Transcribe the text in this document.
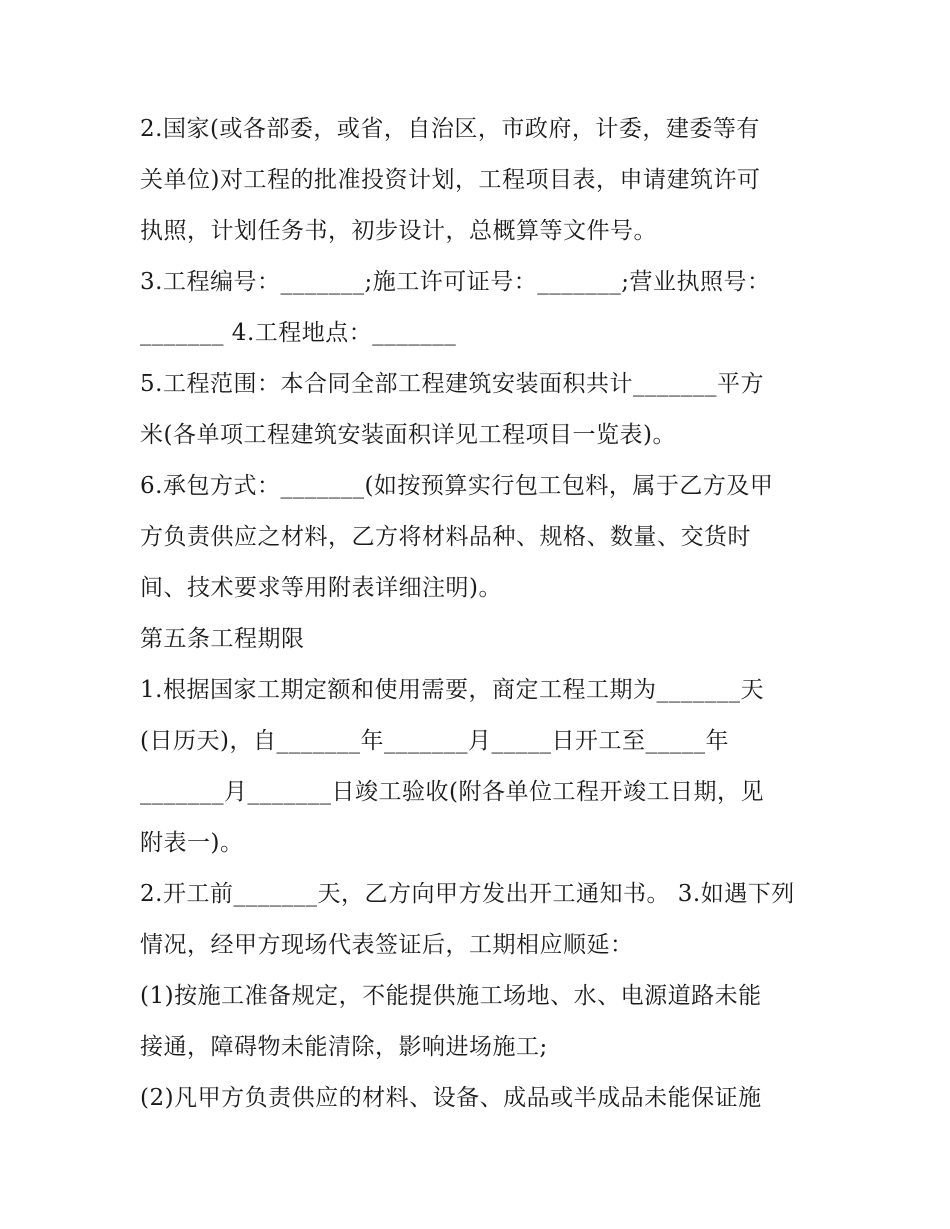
2.国家(或各部委，或省，自治区，市政府，计委，建委等有
关单位)对工程的批准投资计划，工程项目表，申请建筑许可
执照，计划任务书，初步设计，总概算等文件号。
3.工程编号：_______;施工许可证号：_______;营业执照号：
_______ 4.工程地点：_______
5.工程范围：本合同全部工程建筑安装面积共计_______平方
米(各单项工程建筑安装面积详见工程项目一览表)。
6.承包方式：_______(如按预算实行包工包料，属于乙方及甲
方负责供应之材料，乙方将材料品种、规格、数量、交货时
间、技术要求等用附表详细注明)。
第五条工程期限
1.根据国家工期定额和使用需要，商定工程工期为_______天
(日历天)，自_______年_______月_____日开工至_____年
_______月_______日竣工验收(附各单位工程开竣工日期，见
附表一)。
2.开工前_______天，乙方向甲方发出开工通知书。 3.如遇下列
情况，经甲方现场代表签证后，工期相应顺延：
(1)按施工准备规定，不能提供施工场地、水、电源道路未能
接通，障碍物未能清除，影响进场施工;
(2)凡甲方负责供应的材料、设备、成品或半成品未能保证施
